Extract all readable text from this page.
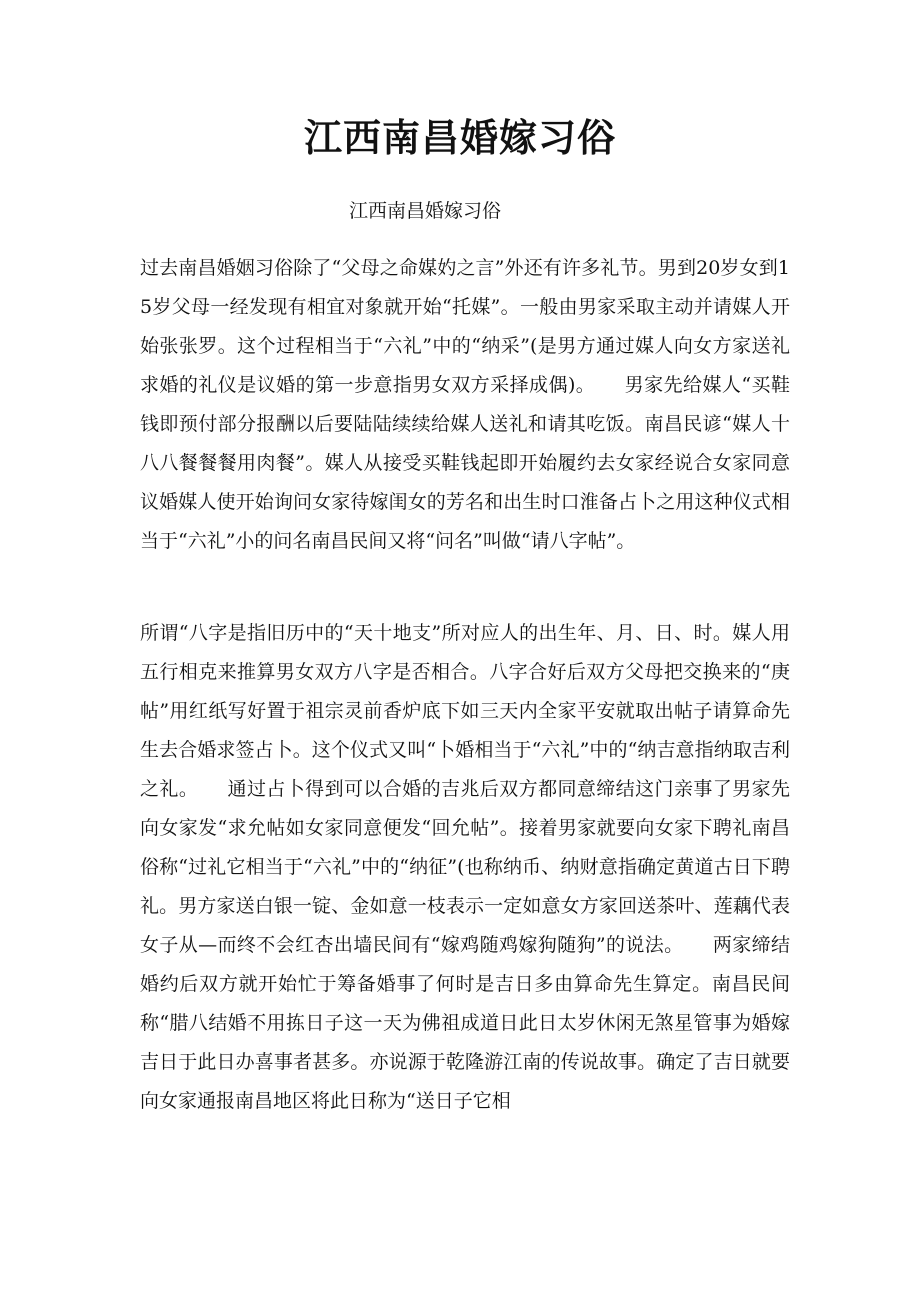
江西南昌婚嫁习俗

江西南昌婚嫁习俗

过去南昌婚姻习俗除了“父母之命媒妁之言”外还有许多礼节。男到20岁女到15岁父母一经发现有相宜对象就开始“托媒”。一般由男家采取主动并请媒人开始张张罗。这个过程相当于“六礼”中的“纳采”(是男方通过媒人向女方家送礼求婚的礼仪是议婚的第一步意指男女双方采择成偶)。　　男家先给媒人“买鞋钱即预付部分报酬以后要陆陆续续给媒人送礼和请其吃饭。南昌民谚“媒人十八八餐餐餐用肉餐”。媒人从接受买鞋钱起即开始履约去女家经说合女家同意议婚媒人使开始询问女家待嫁闺女的芳名和出生时口淮备占卜之用这种仪式相当于“六礼”小的问名南昌民间又将“问名”叫做“请八字帖”。

所谓“八字是指旧历中的“天十地支”所对应人的出生年、月、日、时。媒人用五行相克来推算男女双方八字是否相合。八字合好后双方父母把交换来的“庚帖”用红纸写好置于祖宗灵前香炉底下如三天内全家平安就取出帖子请算命先生去合婚求签占卜。这个仪式又叫“卜婚相当于“六礼”中的“纳吉意指纳取吉利之礼。　　通过占卜得到可以合婚的吉兆后双方都同意缔结这门亲事了男家先向女家发“求允帖如女家同意便发“回允帖”。接着男家就要向女家下聘礼南昌俗称“过礼它相当于“六礼”中的“纳征”(也称纳币、纳财意指确定黄道古日下聘礼。男方家送白银一锭、金如意一枝表示一定如意女方家回送茶叶、莲藕代表女子从—而终不会红杏出墙民间有“嫁鸡随鸡嫁狗随狗”的说法。　　两家缔结婚约后双方就开始忙于筹备婚事了何时是吉日多由算命先生算定。南昌民间称“腊八结婚不用拣日子这一天为佛祖成道日此日太岁休闲无煞星管事为婚嫁吉日于此日办喜事者甚多。亦说源于乾隆游江南的传说故事。确定了吉日就要向女家通报南昌地区将此日称为“送日子它相
